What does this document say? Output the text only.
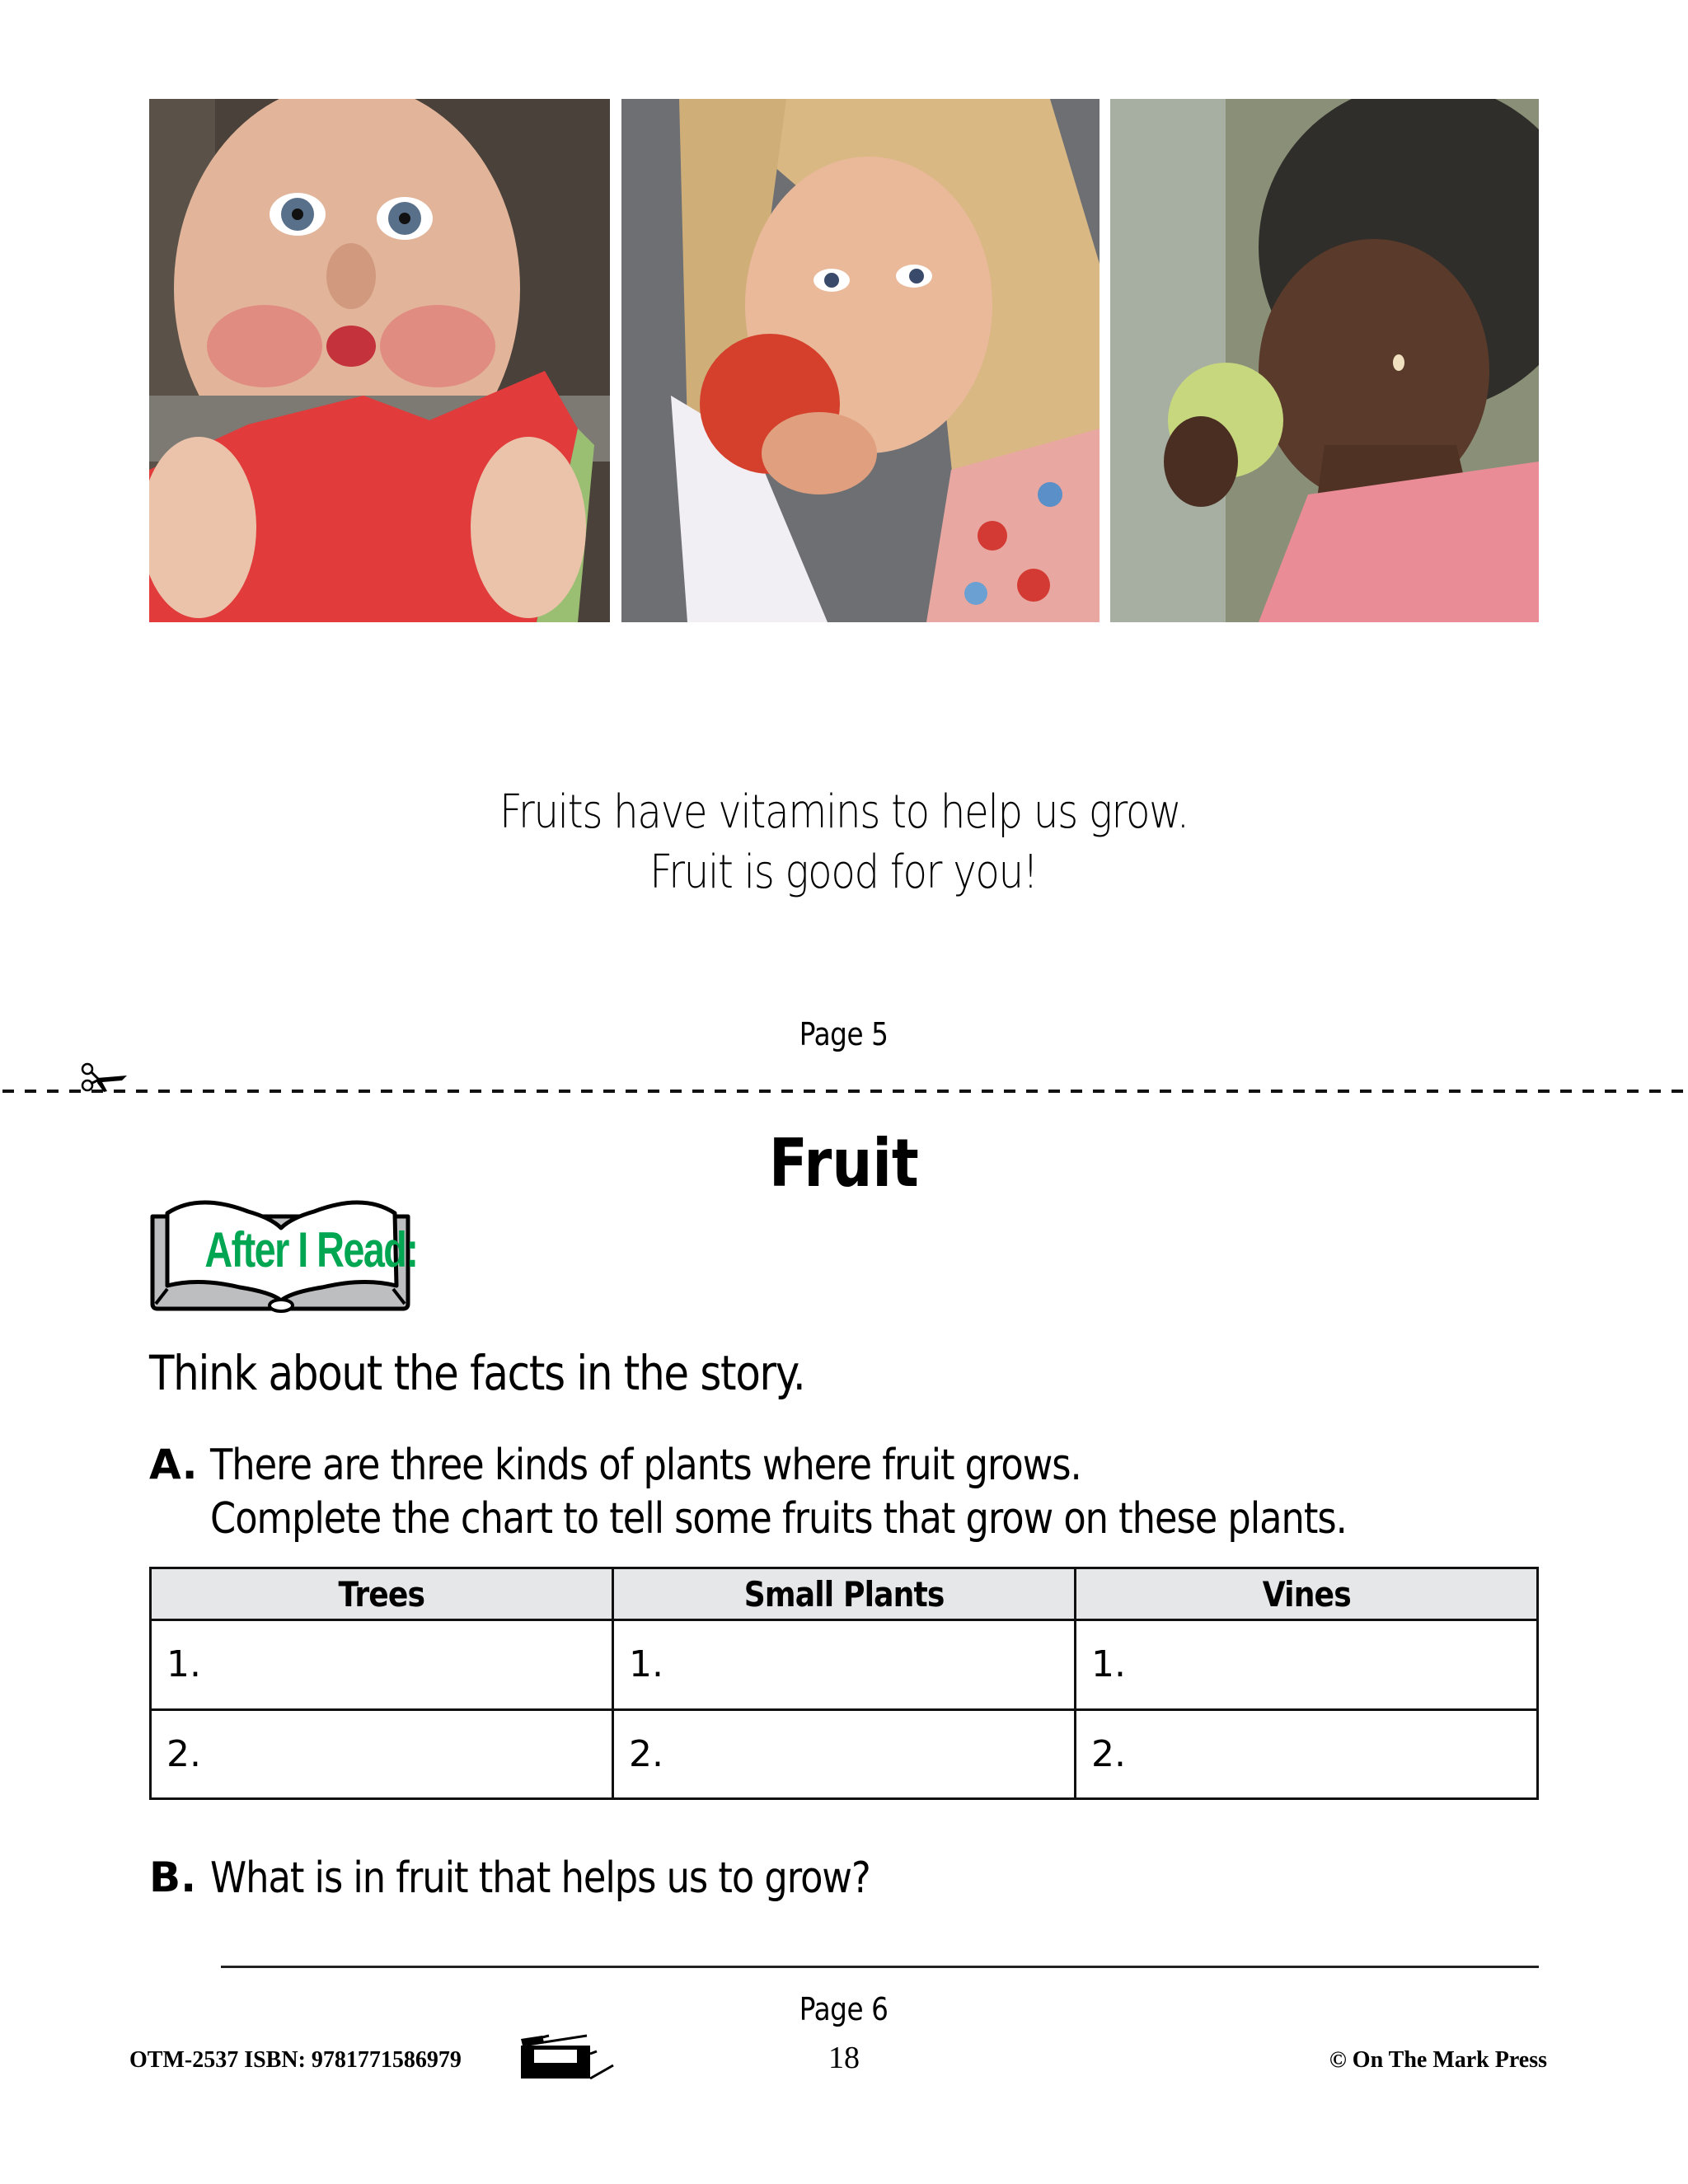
Fruits have vitamins to help us grow.
Fruit is good for you!
Page 5
Fruit
After I Read:
Think about the facts in the story.
A. There are three kinds of plants where fruit grows.
Complete the chart to tell some fruits that grow on these plants.
Trees	Small Plants	Vines
1.	1.	1.
2.	2.	2.
B. What is in fruit that helps us to grow?
Page 6
OTM-2537 ISBN: 9781771586979	18	© On The Mark Press
